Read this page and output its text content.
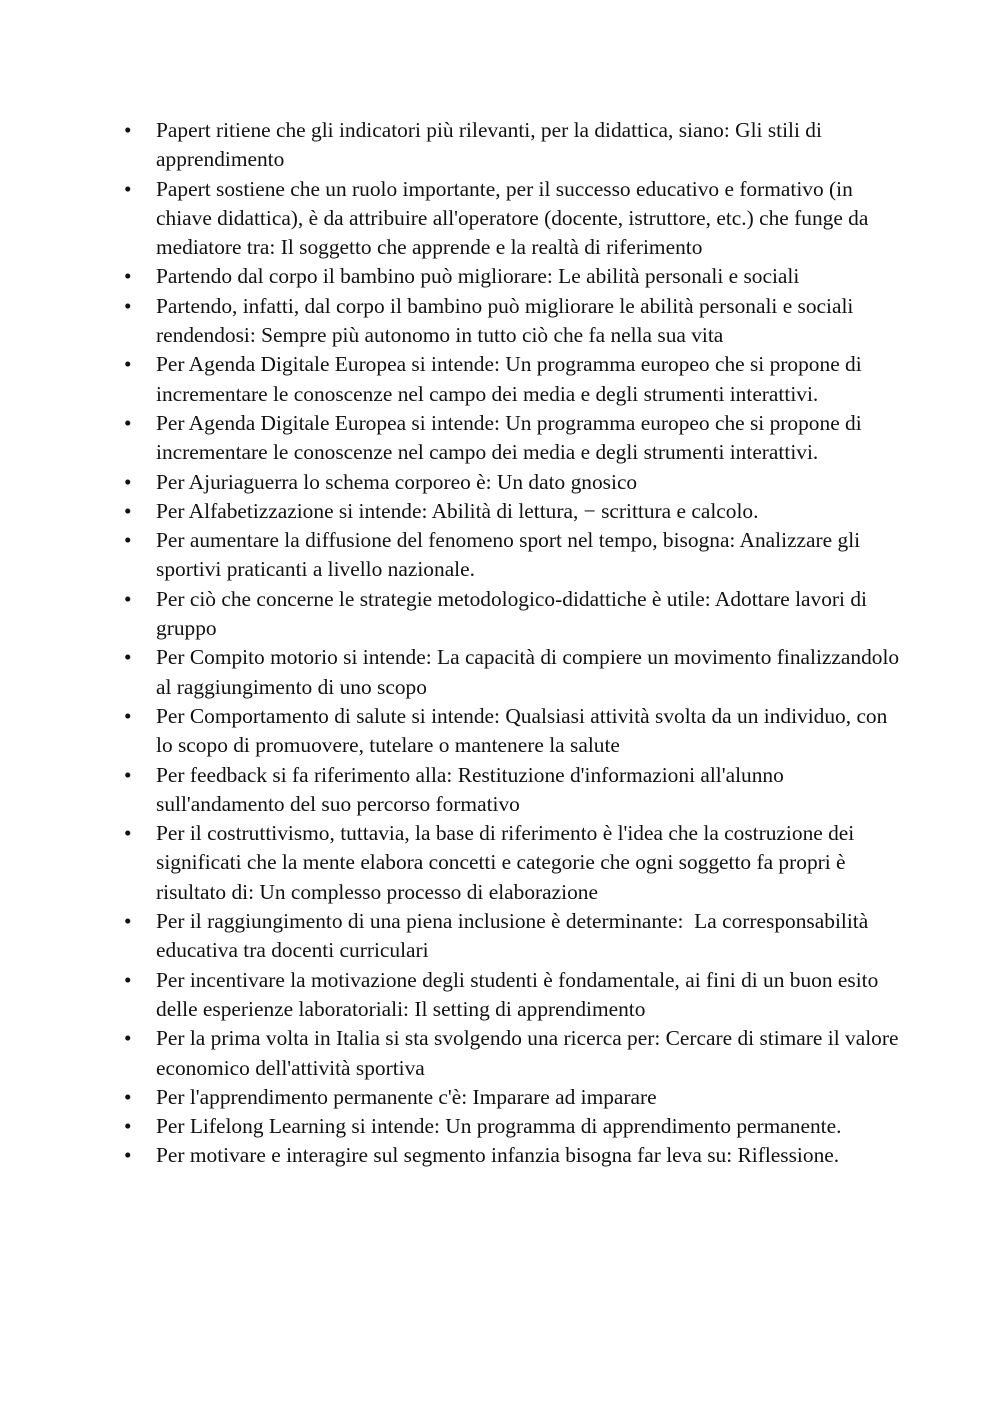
•	Papert ritiene che gli indicatori più rilevanti, per la didattica, siano: Gli stili di apprendimento
•	Papert sostiene che un ruolo importante, per il successo educativo e formativo (in chiave didattica), è da attribuire all'operatore (docente, istruttore, etc.) che funge da mediatore tra: Il soggetto che apprende e la realtà di riferimento
•	Partendo dal corpo il bambino può migliorare: Le abilità personali e sociali
•	Partendo, infatti, dal corpo il bambino può migliorare le abilità personali e sociali rendendosi: Sempre più autonomo in tutto ciò che fa nella sua vita
•	Per Agenda Digitale Europea si intende: Un programma europeo che si propone di incrementare le conoscenze nel campo dei media e degli strumenti interattivi.
•	Per Agenda Digitale Europea si intende: Un programma europeo che si propone di incrementare le conoscenze nel campo dei media e degli strumenti interattivi.
•	Per Ajuriaguerra lo schema corporeo è: Un dato gnosico
•	Per Alfabetizzazione si intende: Abilità di lettura, − scrittura e calcolo.
•	Per aumentare la diffusione del fenomeno sport nel tempo, bisogna: Analizzare gli sportivi praticanti a livello nazionale.
•	Per ciò che concerne le strategie metodologico-didattiche è utile: Adottare lavori di gruppo
•	Per Compito motorio si intende: La capacità di compiere un movimento finalizzandolo al raggiungimento di uno scopo
•	Per Comportamento di salute si intende: Qualsiasi attività svolta da un individuo, con lo scopo di promuovere, tutelare o mantenere la salute
•	Per feedback si fa riferimento alla: Restituzione d'informazioni all'alunno sull'andamento del suo percorso formativo
•	Per il costruttivismo, tuttavia, la base di riferimento è l'idea che la costruzione dei significati che la mente elabora concetti e categorie che ogni soggetto fa propri è risultato di: Un complesso processo di elaborazione
•	Per il raggiungimento di una piena inclusione è determinante:  La corresponsabilità educativa tra docenti curriculari
•	Per incentivare la motivazione degli studenti è fondamentale, ai fini di un buon esito delle esperienze laboratoriali: Il setting di apprendimento
•	Per la prima volta in Italia si sta svolgendo una ricerca per: Cercare di stimare il valore economico dell'attività sportiva
•	Per l'apprendimento permanente c'è: Imparare ad imparare
•	Per Lifelong Learning si intende: Un programma di apprendimento permanente.
•	Per motivare e interagire sul segmento infanzia bisogna far leva su: Riflessione.
